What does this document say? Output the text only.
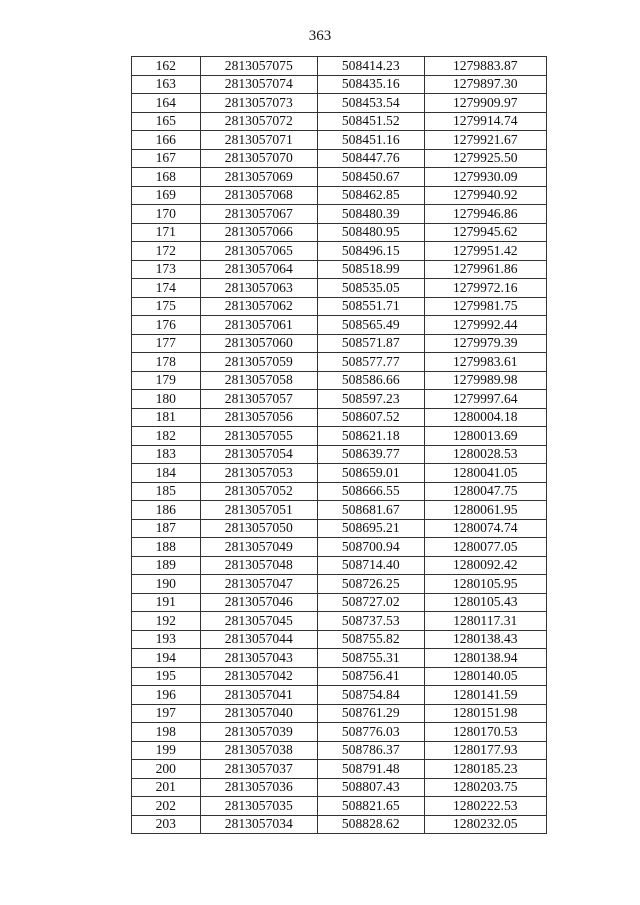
363
162	2813057075	508414.23	1279883.87
163	2813057074	508435.16	1279897.30
164	2813057073	508453.54	1279909.97
165	2813057072	508451.52	1279914.74
166	2813057071	508451.16	1279921.67
167	2813057070	508447.76	1279925.50
168	2813057069	508450.67	1279930.09
169	2813057068	508462.85	1279940.92
170	2813057067	508480.39	1279946.86
171	2813057066	508480.95	1279945.62
172	2813057065	508496.15	1279951.42
173	2813057064	508518.99	1279961.86
174	2813057063	508535.05	1279972.16
175	2813057062	508551.71	1279981.75
176	2813057061	508565.49	1279992.44
177	2813057060	508571.87	1279979.39
178	2813057059	508577.77	1279983.61
179	2813057058	508586.66	1279989.98
180	2813057057	508597.23	1279997.64
181	2813057056	508607.52	1280004.18
182	2813057055	508621.18	1280013.69
183	2813057054	508639.77	1280028.53
184	2813057053	508659.01	1280041.05
185	2813057052	508666.55	1280047.75
186	2813057051	508681.67	1280061.95
187	2813057050	508695.21	1280074.74
188	2813057049	508700.94	1280077.05
189	2813057048	508714.40	1280092.42
190	2813057047	508726.25	1280105.95
191	2813057046	508727.02	1280105.43
192	2813057045	508737.53	1280117.31
193	2813057044	508755.82	1280138.43
194	2813057043	508755.31	1280138.94
195	2813057042	508756.41	1280140.05
196	2813057041	508754.84	1280141.59
197	2813057040	508761.29	1280151.98
198	2813057039	508776.03	1280170.53
199	2813057038	508786.37	1280177.93
200	2813057037	508791.48	1280185.23
201	2813057036	508807.43	1280203.75
202	2813057035	508821.65	1280222.53
203	2813057034	508828.62	1280232.05
